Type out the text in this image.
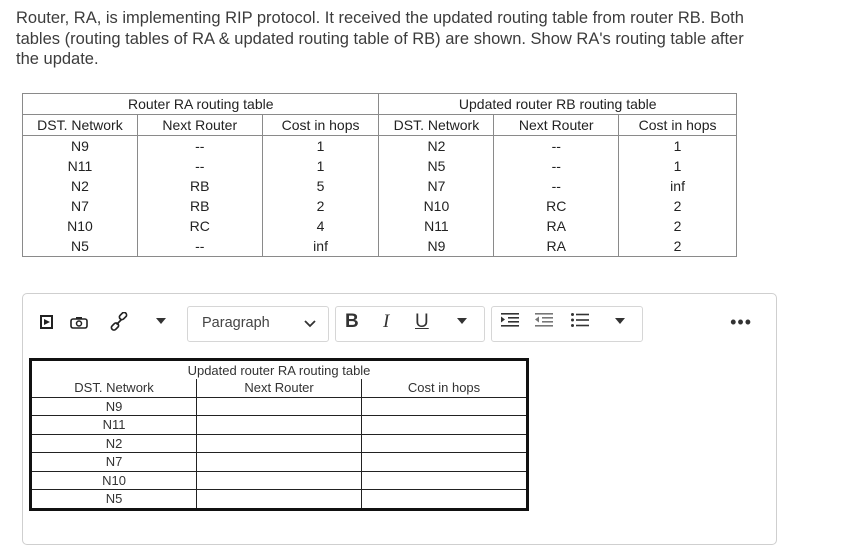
Router, RA, is implementing RIP protocol. It received the updated routing table from router RB. Both tables (routing tables of RA & updated routing table of RB) are shown. Show RA's routing table after the update.
Router RA routing table			Updated router RB routing table		
DST. Network	Next Router	Cost in hops	DST. Network	Next Router	Cost in hops
N9	--	1	N2	--	1
N11	--	1	N5	--	1
N2	RB	5	N7	--	inf
N7	RB	2	N10	RC	2
N10	RC	4	N11	RA	2
N5	--	inf	N9	RA	2
Paragraph	B I U	•••
Updated router RA routing table		
DST. Network	Next Router	Cost in hops
N9		
N11		
N2		
N7		
N10		
N5		
